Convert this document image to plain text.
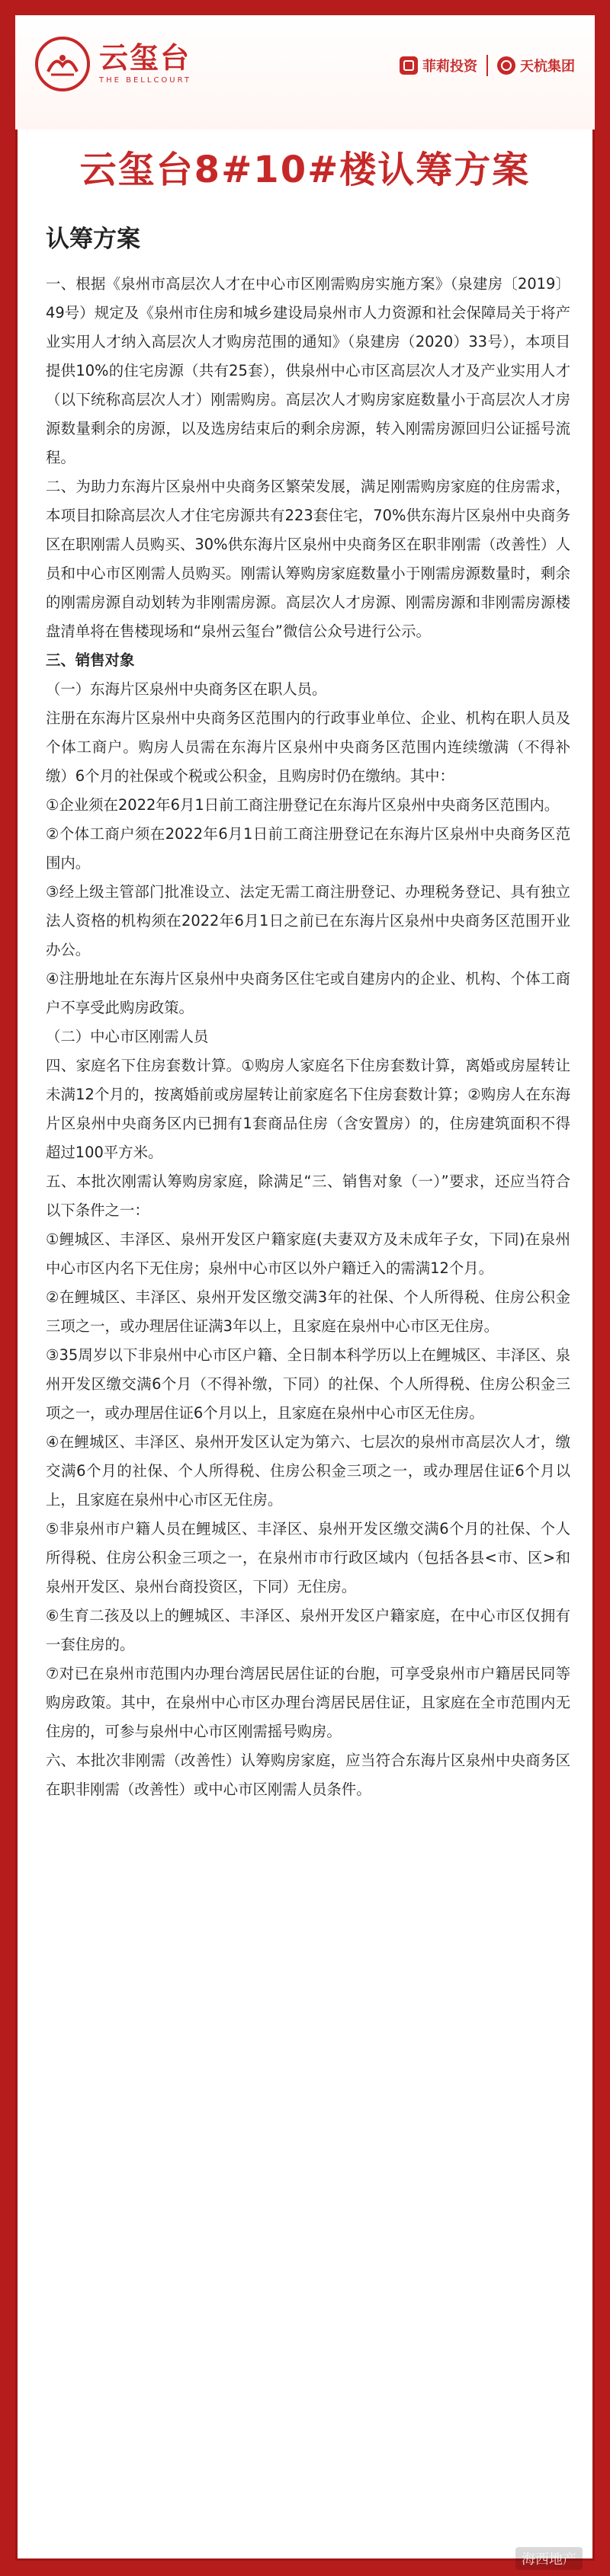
云玺台
THE BELLCOURT
菲莉投资	天杭集团
云玺台8#10#楼认筹方案
认筹方案

一、根据《泉州市高层次人才在中心市区刚需购房实施方案》（泉建房〔2019〕49号）规定及《泉州市住房和城乡建设局泉州市人力资源和社会保障局关于将产业实用人才纳入高层次人才购房范围的通知》（泉建房（2020）33号），本项目提供10%的住宅房源（共有25套），供泉州中心市区高层次人才及产业实用人才（以下统称高层次人才）刚需购房。高层次人才购房家庭数量小于高层次人才房源数量剩余的房源，以及选房结束后的剩余房源，转入刚需房源回归公证摇号流程。

二、为助力东海片区泉州中央商务区繁荣发展，满足刚需购房家庭的住房需求，本项目扣除高层次人才住宅房源共有223套住宅，70%供东海片区泉州中央商务区在职刚需人员购买、30%供东海片区泉州中央商务区在职非刚需（改善性）人员和中心市区刚需人员购买。刚需认筹购房家庭数量小于刚需房源数量时，剩余的刚需房源自动划转为非刚需房源。高层次人才房源、刚需房源和非刚需房源楼盘清单将在售楼现场和“泉州云玺台”微信公众号进行公示。

三、销售对象

（一）东海片区泉州中央商务区在职人员。

注册在东海片区泉州中央商务区范围内的行政事业单位、企业、机构在职人员及个体工商户。购房人员需在东海片区泉州中央商务区范围内连续缴满（不得补缴）6个月的社保或个税或公积金，且购房时仍在缴纳。其中：

①企业须在2022年6月1日前工商注册登记在东海片区泉州中央商务区范围内。

②个体工商户须在2022年6月1日前工商注册登记在东海片区泉州中央商务区范围内。

③经上级主管部门批准设立、法定无需工商注册登记、办理税务登记、具有独立法人资格的机构须在2022年6月1日之前已在东海片区泉州中央商务区范围开业办公。

④注册地址在东海片区泉州中央商务区住宅或自建房内的企业、机构、个体工商户不享受此购房政策。

（二）中心市区刚需人员

四、家庭名下住房套数计算。①购房人家庭名下住房套数计算，离婚或房屋转让未满12个月的，按离婚前或房屋转让前家庭名下住房套数计算；②购房人在东海片区泉州中央商务区内已拥有1套商品住房（含安置房）的，住房建筑面积不得超过100平方米。

五、本批次刚需认筹购房家庭，除满足“三、销售对象（一）”要求，还应当符合以下条件之一：

①鲤城区、丰泽区、泉州开发区户籍家庭(夫妻双方及未成年子女，下同)在泉州中心市区内名下无住房；泉州中心市区以外户籍迁入的需满12个月。

②在鲤城区、丰泽区、泉州开发区缴交满3年的社保、个人所得税、住房公积金三项之一，或办理居住证满3年以上，且家庭在泉州中心市区无住房。

③35周岁以下非泉州中心市区户籍、全日制本科学历以上在鲤城区、丰泽区、泉州开发区缴交满6个月（不得补缴，下同）的社保、个人所得税、住房公积金三项之一，或办理居住证6个月以上，且家庭在泉州中心市区无住房。

④在鲤城区、丰泽区、泉州开发区认定为第六、七层次的泉州市高层次人才，缴交满6个月的社保、个人所得税、住房公积金三项之一，或办理居住证6个月以上，且家庭在泉州中心市区无住房。

⑤非泉州市户籍人员在鲤城区、丰泽区、泉州开发区缴交满6个月的社保、个人所得税、住房公积金三项之一，在泉州市市行政区域内（包括各县<市、区>和泉州开发区、泉州台商投资区，下同）无住房。

⑥生育二孩及以上的鲤城区、丰泽区、泉州开发区户籍家庭，在中心市区仅拥有一套住房的。

⑦对已在泉州市范围内办理台湾居民居住证的台胞，可享受泉州市户籍居民同等购房政策。其中，在泉州中心市区办理台湾居民居住证，且家庭在全市范围内无住房的，可参与泉州中心市区刚需摇号购房。

六、本批次非刚需（改善性）认筹购房家庭，应当符合东海片区泉州中央商务区在职非刚需（改善性）或中心市区刚需人员条件。

海西地产
